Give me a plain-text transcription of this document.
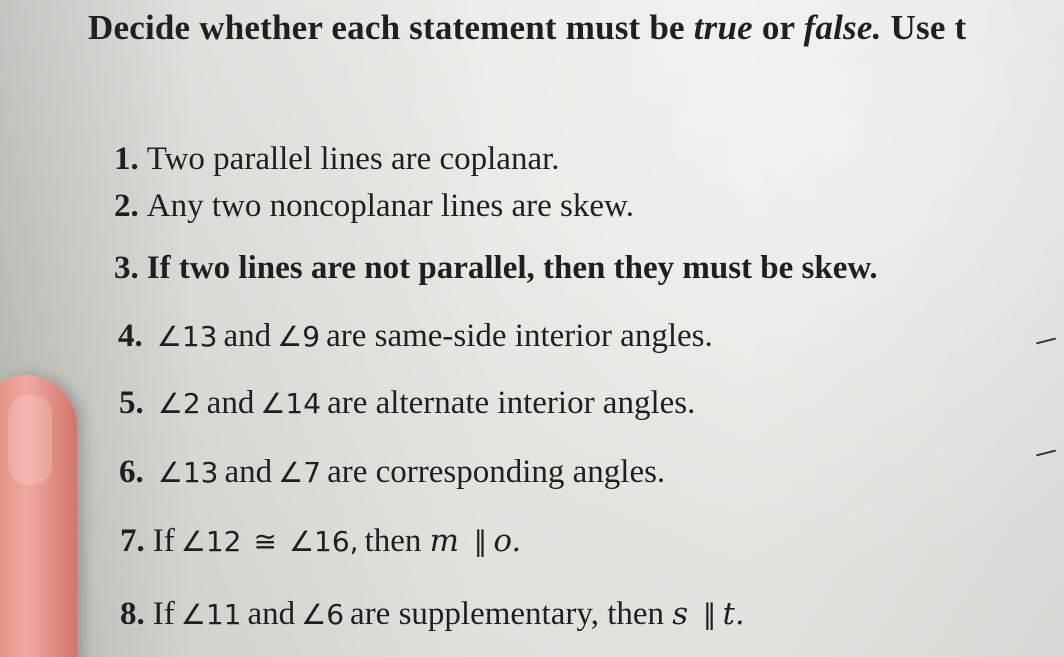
Decide whether each statement must be true or false. Use t
1. Two parallel lines are coplanar.
2. Any two noncoplanar lines are skew.
3. If two lines are not parallel, then they must be skew.
4. ∠13 and ∠9 are same-side interior angles.
5. ∠2 and ∠14 are alternate interior angles.
6. ∠13 and ∠7 are corresponding angles.
7. If ∠12 ≅ ∠16, then m ∥ o.
8. If ∠11 and ∠6 are supplementary, then s ∥ t.
